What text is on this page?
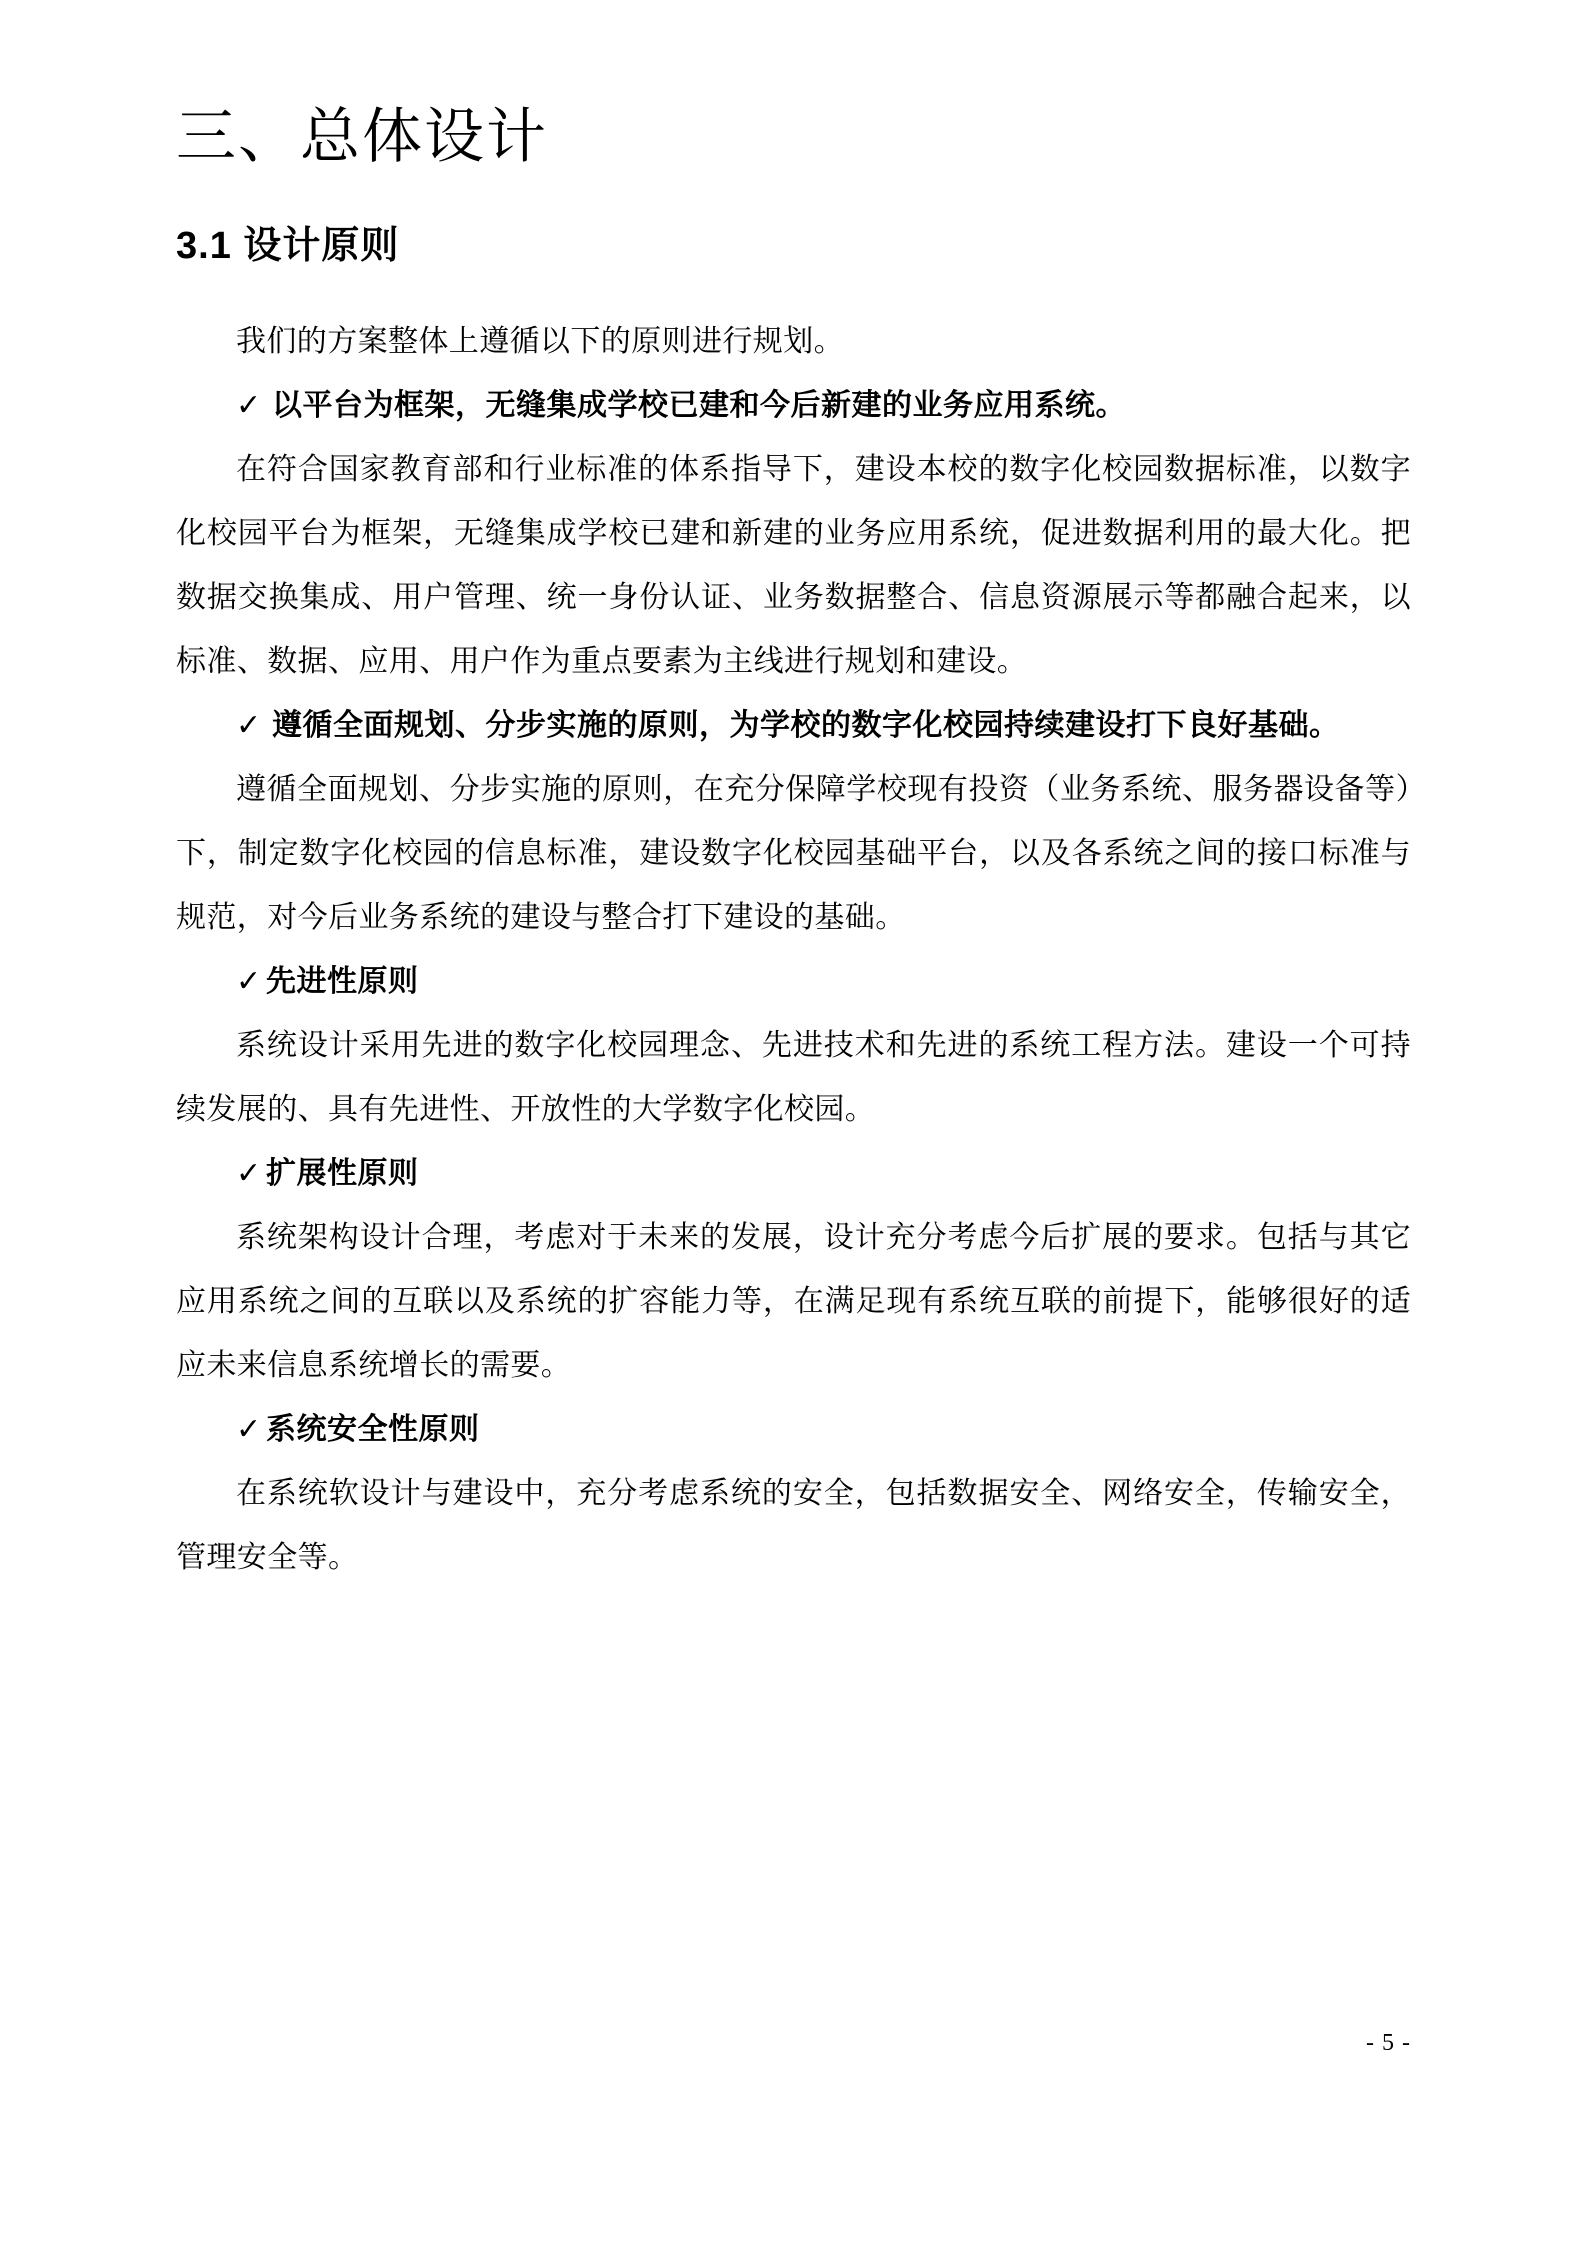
三、总体设计
3.1 设计原则

我们的方案整体上遵循以下的原则进行规划。

✓ 以平台为框架，无缝集成学校已建和今后新建的业务应用系统。

在符合国家教育部和行业标准的体系指导下，建设本校的数字化校园数据标准，以数字化校园平台为框架，无缝集成学校已建和新建的业务应用系统，促进数据利用的最大化。把数据交换集成、用户管理、统一身份认证、业务数据整合、信息资源展示等都融合起来，以标准、数据、应用、用户作为重点要素为主线进行规划和建设。

✓ 遵循全面规划、分步实施的原则，为学校的数字化校园持续建设打下良好基础。

遵循全面规划、分步实施的原则，在充分保障学校现有投资（业务系统、服务器设备等）下，制定数字化校园的信息标准，建设数字化校园基础平台，以及各系统之间的接口标准与规范，对今后业务系统的建设与整合打下建设的基础。

✓ 先进性原则

系统设计采用先进的数字化校园理念、先进技术和先进的系统工程方法。建设一个可持续发展的、具有先进性、开放性的大学数字化校园。

✓ 扩展性原则

系统架构设计合理，考虑对于未来的发展，设计充分考虑今后扩展的要求。包括与其它应用系统之间的互联以及系统的扩容能力等，在满足现有系统互联的前提下，能够很好的适应未来信息系统增长的需要。

✓ 系统安全性原则

在系统软设计与建设中，充分考虑系统的安全，包括数据安全、网络安全，传输安全，管理安全等。

- 5 -
